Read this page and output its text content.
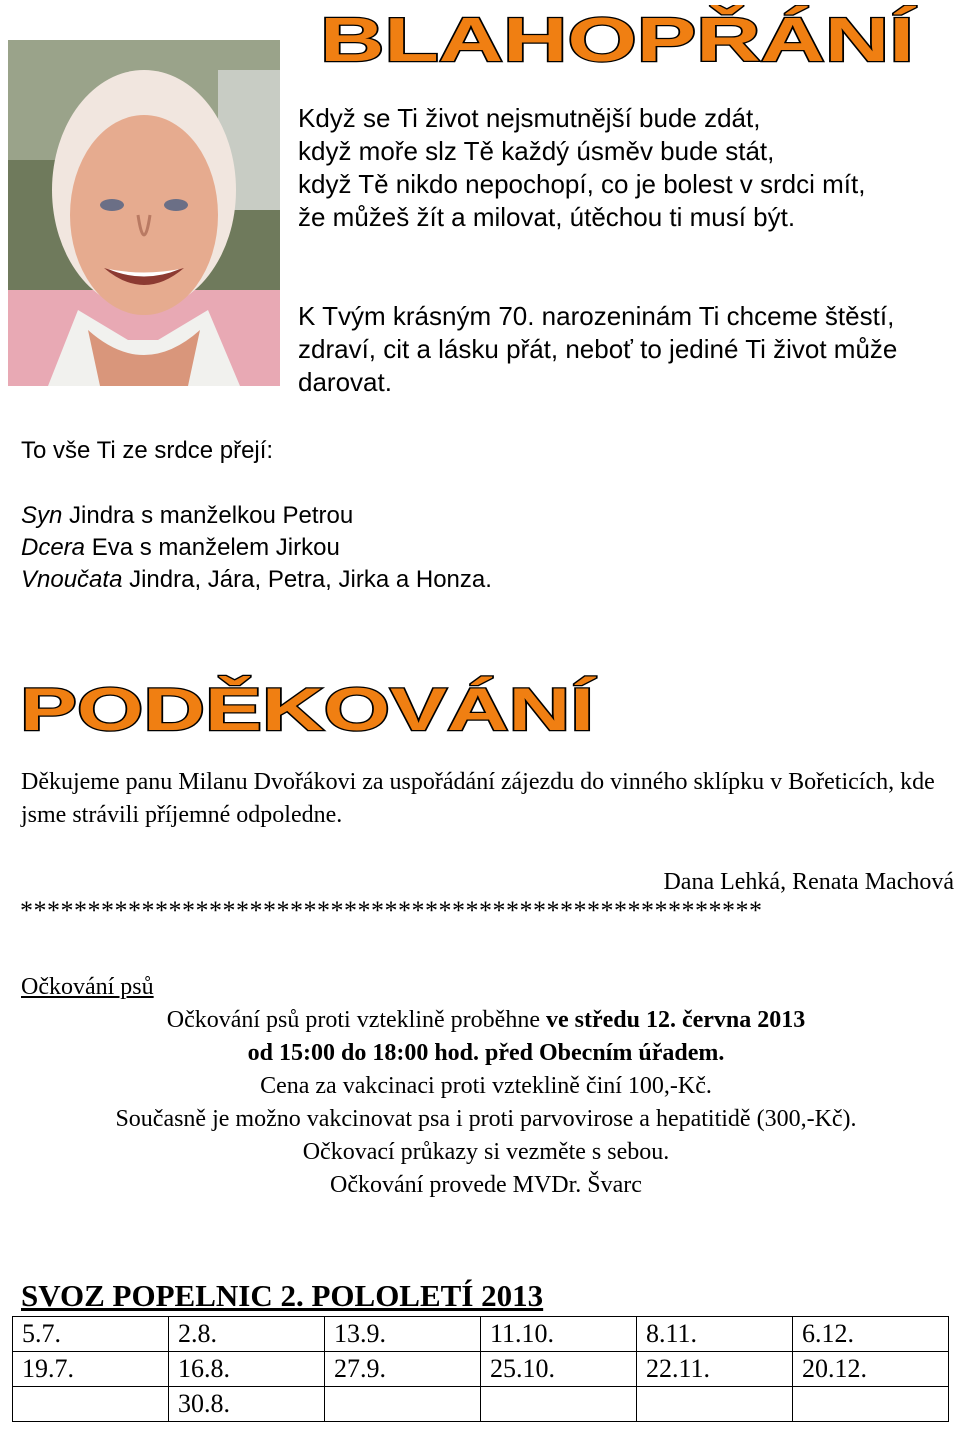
BLAHOPŘÁNÍ
Když se Ti život nejsmutnější bude zdát,
když moře slz Tě každý úsměv bude stát,
když Tě nikdo nepochopí, co je bolest v srdci mít,
že můžeš žít a milovat, útěchou ti musí být.
K Tvým krásným 70. narozeninám Ti chceme štěstí, zdraví, cit a lásku přát, neboť to jediné Ti život může darovat.
To vše Ti ze srdce přejí:
Syn Jindra s manželkou Petrou
Dcera Eva s manželem Jirkou
Vnoučata Jindra, Jára, Petra, Jirka a Honza.
PODĚKOVÁNÍ
Děkujeme panu Milanu Dvořákovi za uspořádání zájezdu do vinného sklípku v Bořeticích, kde jsme strávili příjemné odpoledne.
Dana Lehká, Renata Machová
*******************************************************
Očkování psů
Očkování psů proti vzteklině proběhne ve středu 12. června 2013
od 15:00 do 18:00 hod. před Obecním úřadem.
Cena za vakcinaci proti vzteklině činí 100,-Kč.
Současně je možno vakcinovat psa i proti parvovirose a hepatitidě (300,-Kč).
Očkovací průkazy si vezměte s sebou.
Očkování provede MVDr. Švarc
SVOZ POPELNIC 2. POLOLETÍ 2013
5.7.	2.8.	13.9.	11.10.	8.11.	6.12.
19.7.	16.8.	27.9.	25.10.	22.11.	20.12.
	30.8.				
